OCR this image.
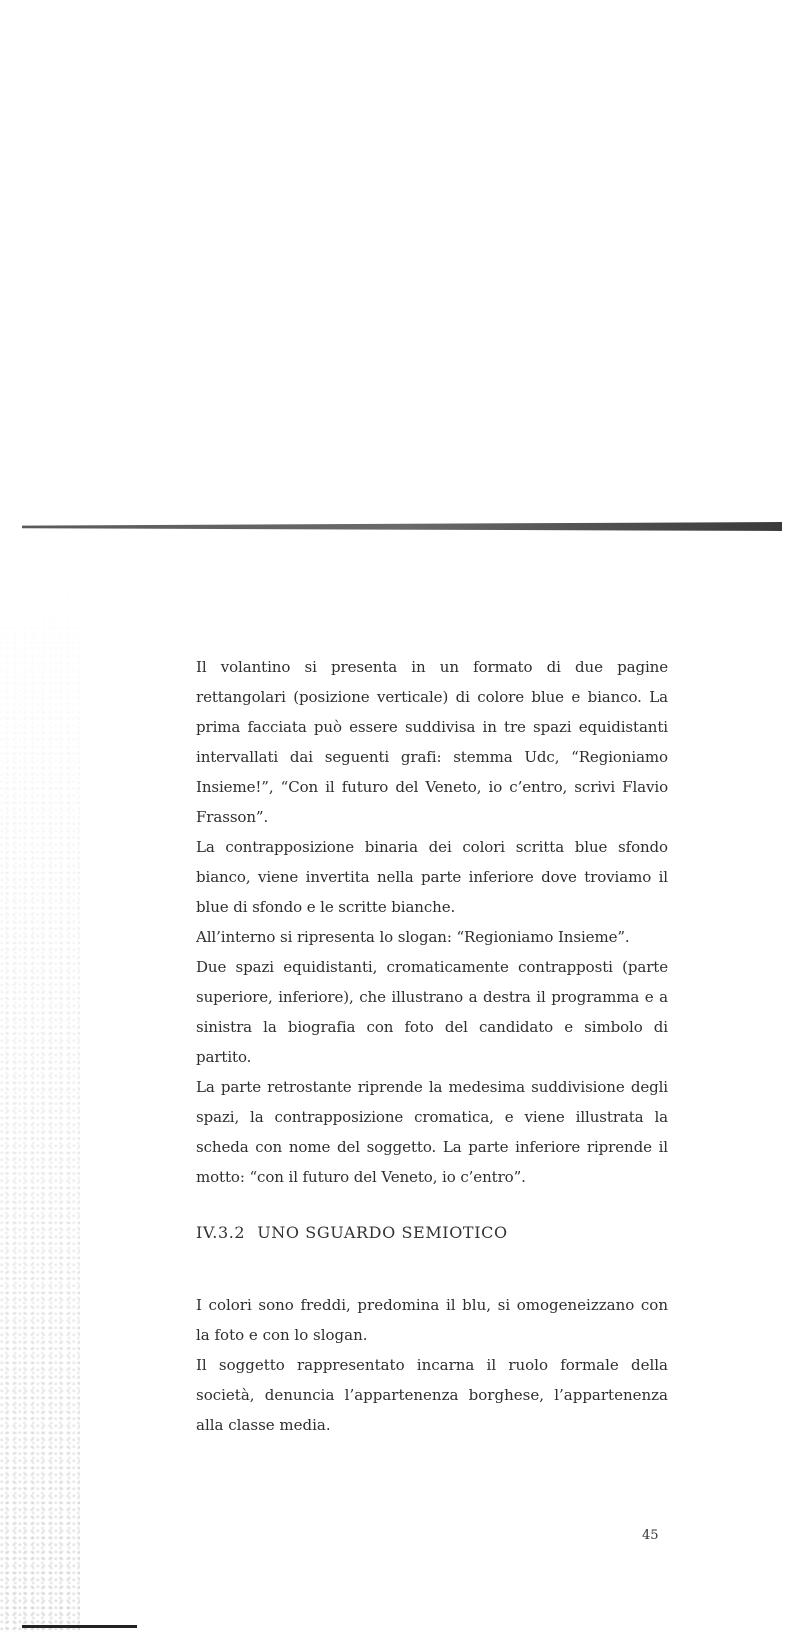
Il volantino si presenta in un formato di due pagine rettangolari (posizione verticale) di colore blue e bianco. La prima facciata può essere suddivisa in tre spazi equidistanti intervallati dai seguenti grafi: stemma Udc, “Regioniamo Insieme!”, “Con il futuro del Veneto, io c’entro, scrivi Flavio Frasson”.

La contrapposizione binaria dei colori scritta blue sfondo bianco, viene invertita nella parte inferiore dove troviamo il blue di sfondo e le scritte bianche.

All’interno si ripresenta lo slogan: “Regioniamo Insieme”.

Due spazi equidistanti, cromaticamente contrapposti (parte superiore, inferiore), che illustrano a destra il programma e a sinistra la biografia con foto del candidato e simbolo di partito.

La parte retrostante riprende la medesima suddivisione degli spazi, la contrapposizione cromatica, e viene illustrata la scheda con nome del soggetto. La parte inferiore riprende il motto: “con il futuro del Veneto, io c’entro”.

IV.3.2 UNO SGUARDO SEMIOTICO

I colori sono freddi, predomina il blu, si omogeneizzano con la foto e con lo slogan.

Il soggetto rappresentato incarna il ruolo formale della società, denuncia l’appartenenza borghese, l’appartenenza alla classe media.

45
